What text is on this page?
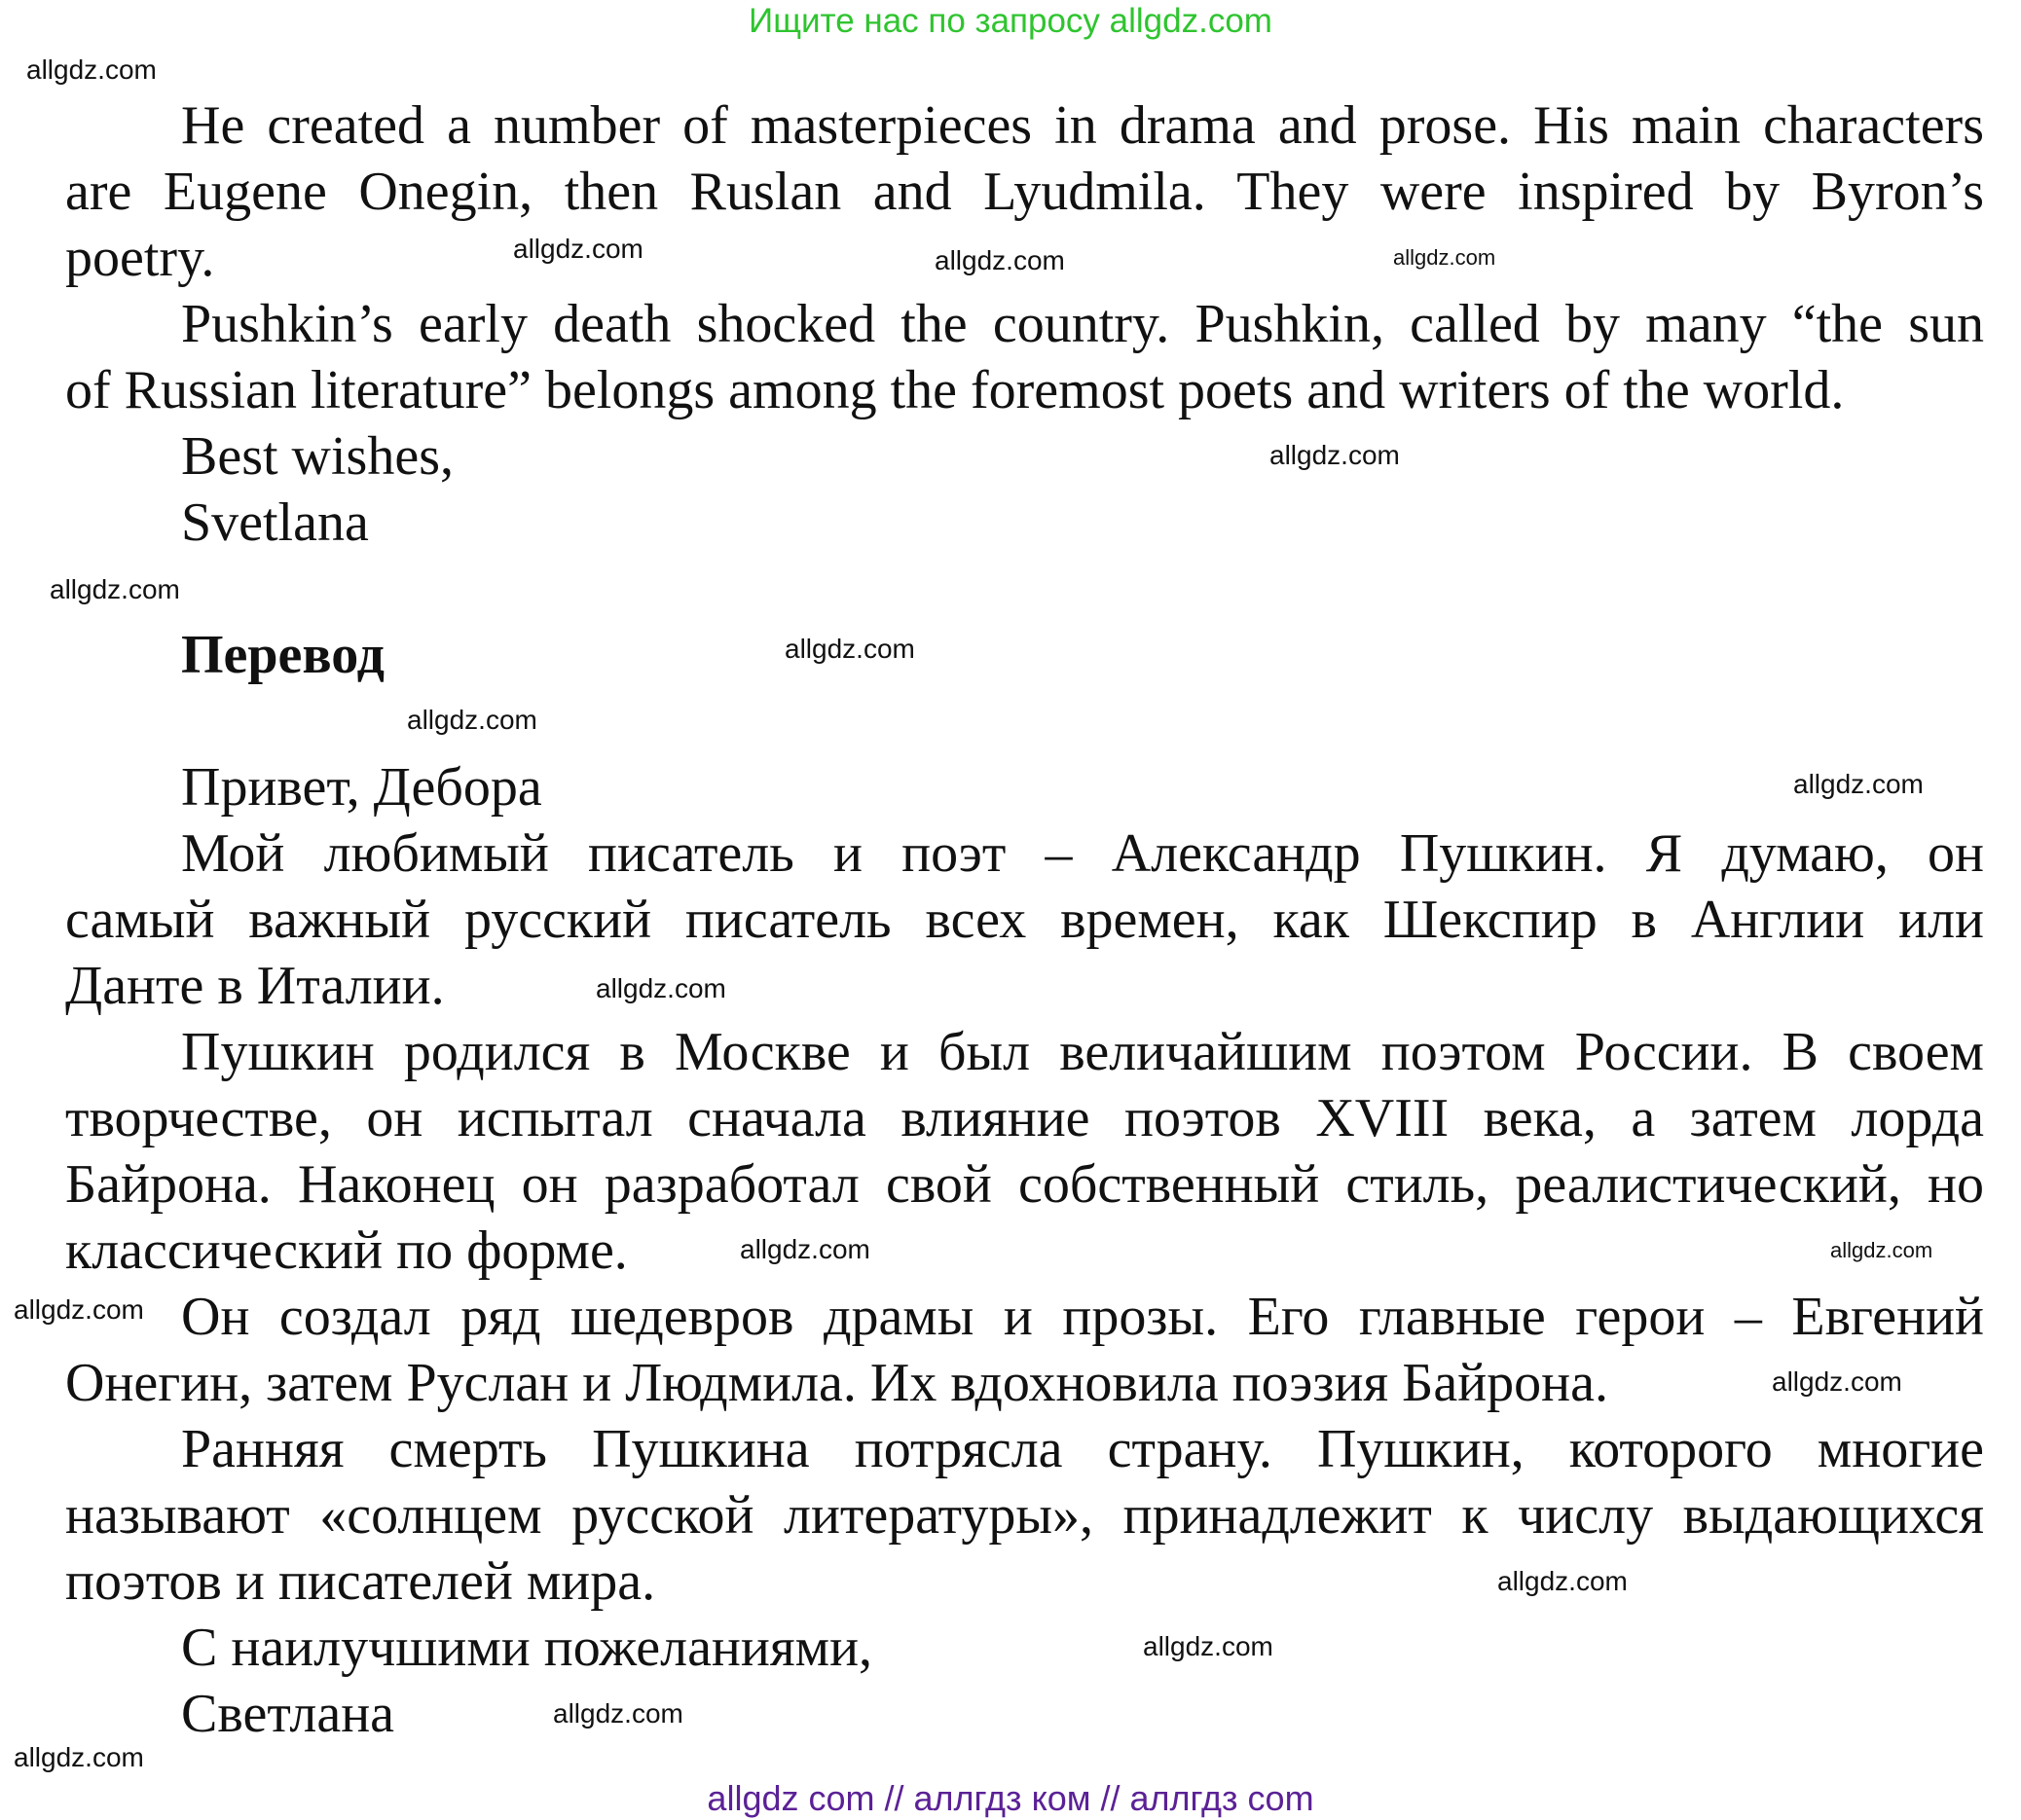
Ищите нас по запросу allgdz.com
He created a number of masterpieces in drama and prose. His main characters
are Eugene Onegin, then Ruslan and Lyudmila. They were inspired by Byron’s
poetry.
Pushkin’s early death shocked the country. Pushkin, called by many “the sun
of Russian literature” belongs among the foremost poets and writers of the world.
Best wishes,
Svetlana
Перевод
Привет, Дебора
Мой любимый писатель и поэт – Александр Пушкин. Я думаю, он
самый важный русский писатель всех времен, как Шекспир в Англии или
Данте в Италии.
Пушкин родился в Москве и был величайшим поэтом России. В своем
творчестве, он испытал сначала влияние поэтов XVIII века, а затем лорда
Байрона. Наконец он разработал свой собственный стиль, реалистический, но
классический по форме.
Он создал ряд шедевров драмы и прозы. Его главные герои – Евгений
Онегин, затем Руслан и Людмила. Их вдохновила поэзия Байрона.
Ранняя смерть Пушкина потрясла страну. Пушкин, которого многие
называют «солнцем русской литературы», принадлежит к числу выдающихся
поэтов и писателей мира.
С наилучшими пожеланиями,
Светлана
allgdz com // аллгдз ком // аллгдз com
allgdz.com
allgdz.com
allgdz.com	allgdz.com
allgdz.com
allgdz.com
allgdz.com
allgdz.com
allgdz.com
allgdz.com
allgdz.com
allgdz.com
allgdz.com
allgdz.com
allgdz.com
allgdz.com
allgdz.com
allgdz.com
